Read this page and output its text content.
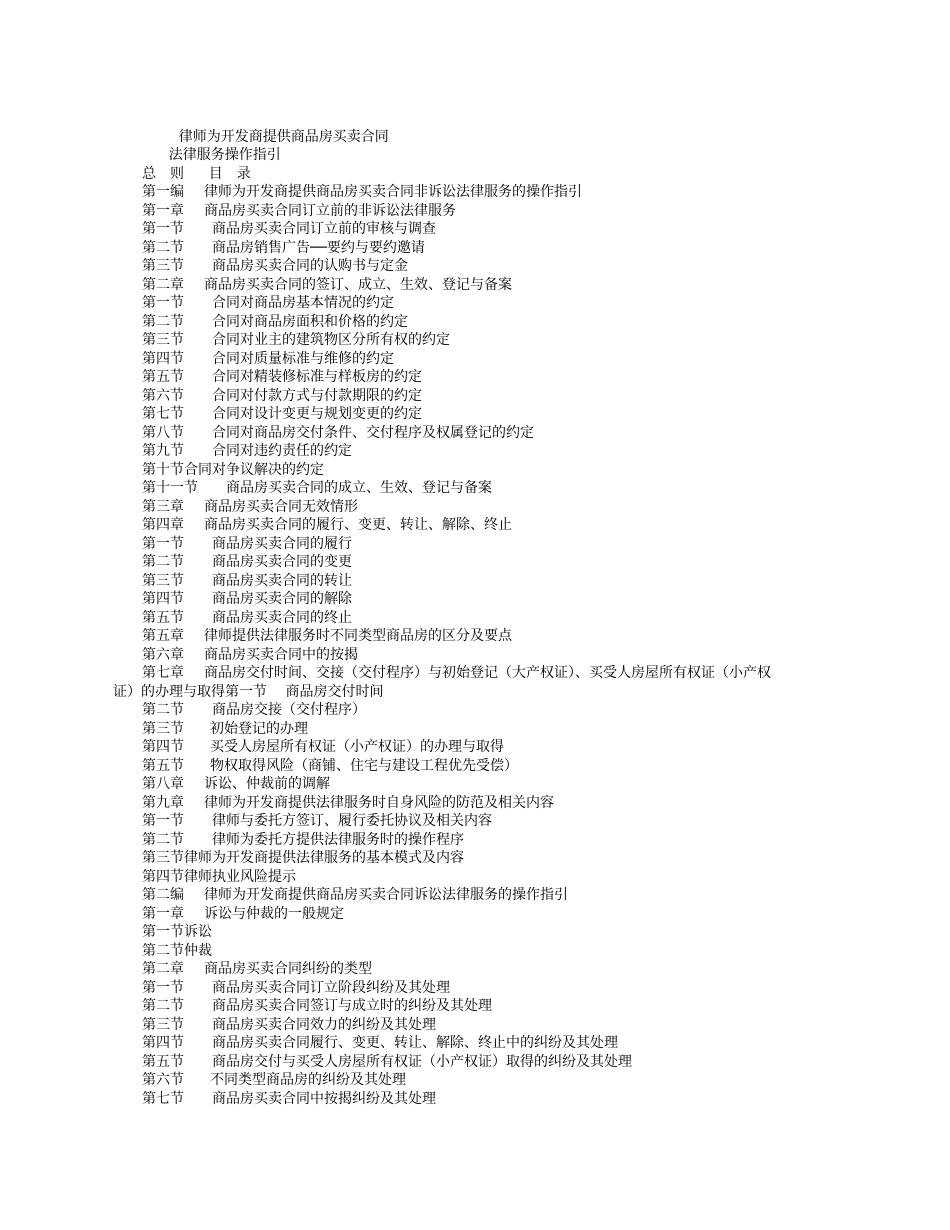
律师为开发商提供商品房买卖合同

法律服务操作指引

目　录

总　则
第一编 律师为开发商提供商品房买卖合同非诉讼法律服务的操作指引
第一章 商品房买卖合同订立前的非诉讼法律服务
第一节 商品房买卖合同订立前的审核与调查
第二节 商品房销售广告──要约与要约邀请
第三节 商品房买卖合同的认购书与定金
第二章 商品房买卖合同的签订、成立、生效、登记与备案
第一节 合同对商品房基本情况的约定
第二节 合同对商品房面积和价格的约定
第三节 合同对业主的建筑物区分所有权的约定
第四节 合同对质量标准与维修的约定
第五节 合同对精装修标准与样板房的约定
第六节 合同对付款方式与付款期限的约定
第七节 合同对设计变更与规划变更的约定
第八节 合同对商品房交付条件、交付程序及权属登记的约定
第九节 合同对违约责任的约定
第十节合同对争议解决的约定
第十一节 商品房买卖合同的成立、生效、登记与备案
第三章 商品房买卖合同无效情形
第四章 商品房买卖合同的履行、变更、转让、解除、终止
第一节 商品房买卖合同的履行
第二节 商品房买卖合同的变更
第三节 商品房买卖合同的转让
第四节 商品房买卖合同的解除
第五节 商品房买卖合同的终止
第五章 律师提供法律服务时不同类型商品房的区分及要点
第六章 商品房买卖合同中的按揭
第七章 商品房交付时间、交接（交付程序）与初始登记（大产权证）、买受人房屋所有权证（小产权
证）的办理与取得第一节　 商品房交付时间
第二节 商品房交接（交付程序）
第三节 初始登记的办理
第四节 买受人房屋所有权证（小产权证）的办理与取得
第五节 物权取得风险（商铺、住宅与建设工程优先受偿）
第八章 诉讼、仲裁前的调解
第九章 律师为开发商提供法律服务时自身风险的防范及相关内容
第一节 律师与委托方签订、履行委托协议及相关内容
第二节 律师为委托方提供法律服务时的操作程序
第三节律师为开发商提供法律服务的基本模式及内容
第四节律师执业风险提示
第二编 律师为开发商提供商品房买卖合同诉讼法律服务的操作指引
第一章 诉讼与仲裁的一般规定
第一节诉讼
第二节仲裁
第二章 商品房买卖合同纠纷的类型
第一节 商品房买卖合同订立阶段纠纷及其处理
第二节 商品房买卖合同签订与成立时的纠纷及其处理
第三节 商品房买卖合同效力的纠纷及其处理
第四节 商品房买卖合同履行、变更、转让、解除、终止中的纠纷及其处理
第五节 商品房交付与买受人房屋所有权证（小产权证）取得的纠纷及其处理
第六节 不同类型商品房的纠纷及其处理
第七节 商品房买卖合同中按揭纠纷及其处理
